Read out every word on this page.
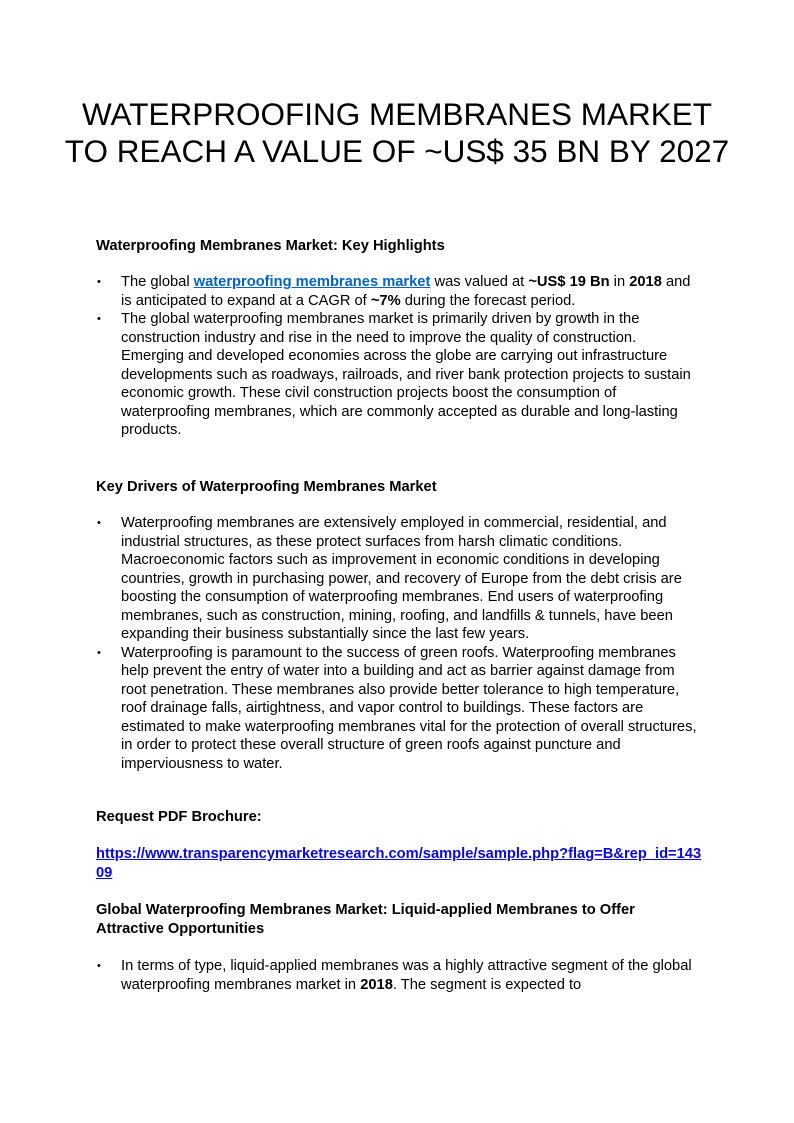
WATERPROOFING MEMBRANES MARKET TO REACH A VALUE OF ~US$ 35 BN BY 2027
Waterproofing Membranes Market: Key Highlights
•	The global waterproofing membranes market was valued at ~US$ 19 Bn in 2018 and is anticipated to expand at a CAGR of ~7% during the forecast period.
•	The global waterproofing membranes market is primarily driven by growth in the construction industry and rise in the need to improve the quality of construction. Emerging and developed economies across the globe are carrying out infrastructure developments such as roadways, railroads, and river bank protection projects to sustain economic growth. These civil construction projects boost the consumption of waterproofing membranes, which are commonly accepted as durable and long-lasting products.
Key Drivers of Waterproofing Membranes Market
•	Waterproofing membranes are extensively employed in commercial, residential, and industrial structures, as these protect surfaces from harsh climatic conditions. Macroeconomic factors such as improvement in economic conditions in developing countries, growth in purchasing power, and recovery of Europe from the debt crisis are boosting the consumption of waterproofing membranes. End users of waterproofing membranes, such as construction, mining, roofing, and landfills & tunnels, have been expanding their business substantially since the last few years.
•	Waterproofing is paramount to the success of green roofs. Waterproofing membranes help prevent the entry of water into a building and act as barrier against damage from root penetration. These membranes also provide better tolerance to high temperature, roof drainage falls, airtightness, and vapor control to buildings. These factors are estimated to make waterproofing membranes vital for the protection of overall structures, in order to protect these overall structure of green roofs against puncture and imperviousness to water.
Request PDF Brochure:
https://www.transparencymarketresearch.com/sample/sample.php?flag=B&rep_id=14309
Global Waterproofing Membranes Market: Liquid-applied Membranes to Offer Attractive Opportunities
•	In terms of type, liquid-applied membranes was a highly attractive segment of the global waterproofing membranes market in 2018. The segment is expected to
